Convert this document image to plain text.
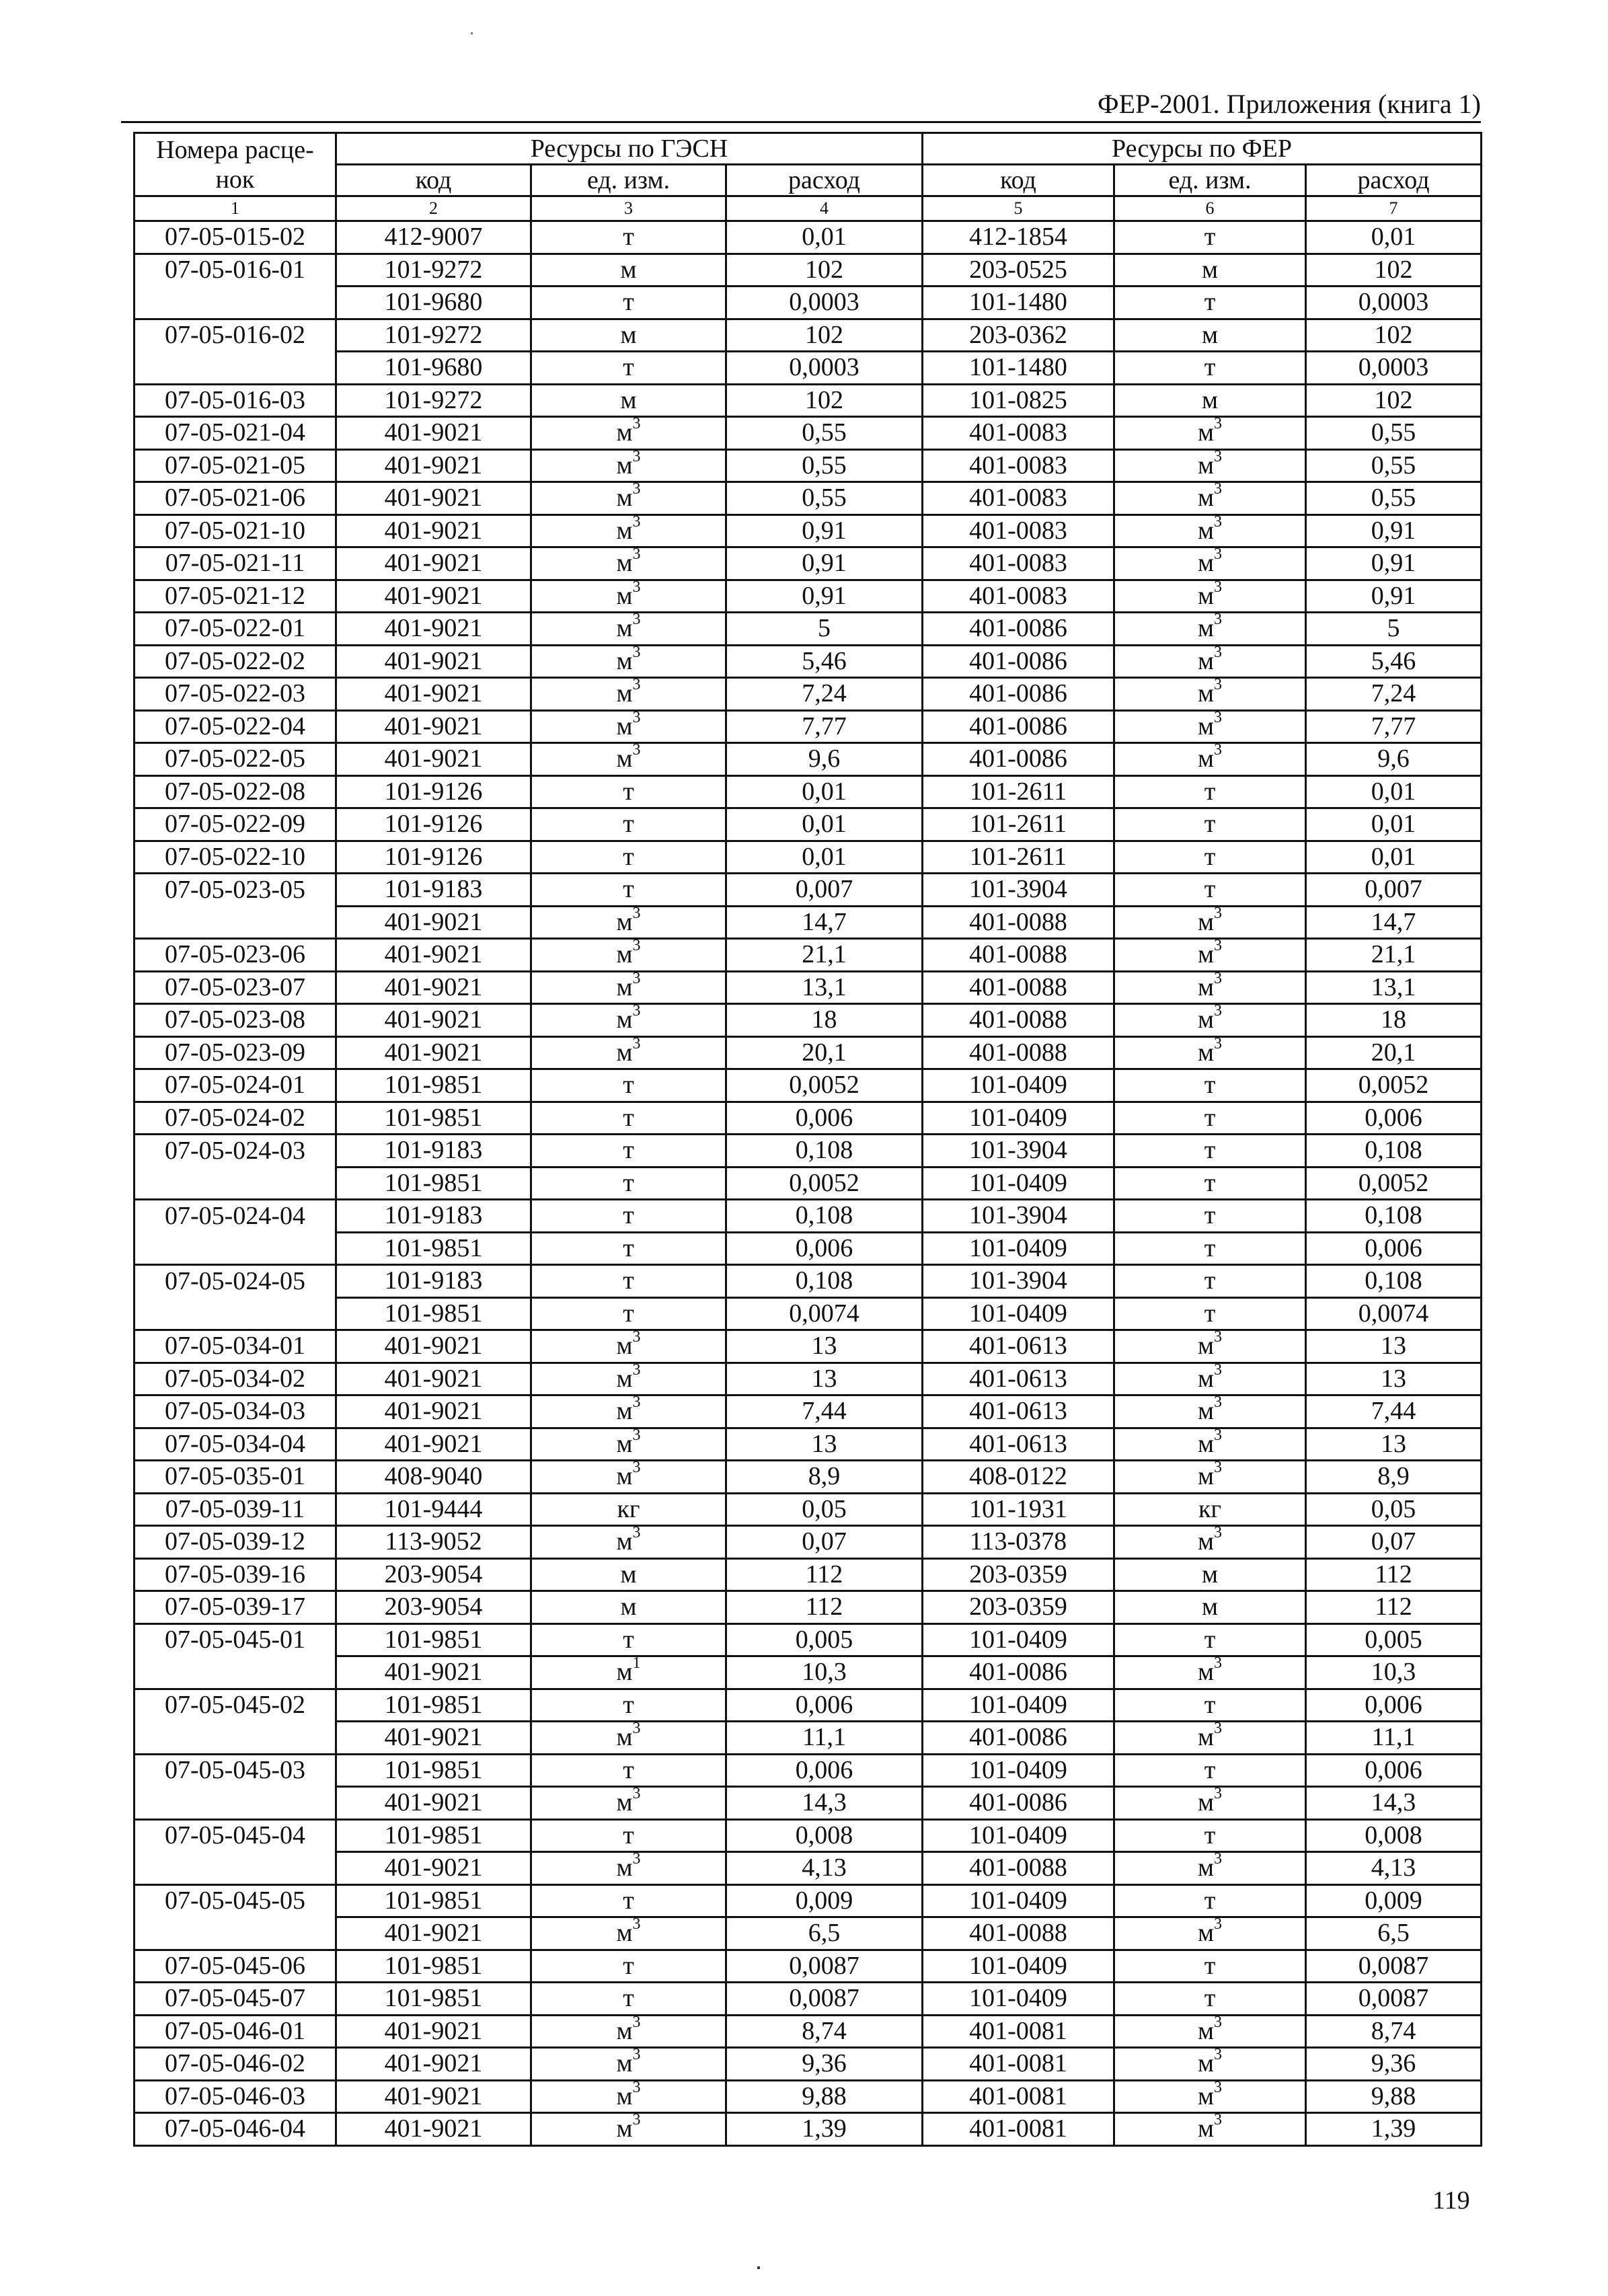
ФЕР-2001. Приложения (книга 1)
Номера расце-
нок	Ресурсы по ГЭСН			Ресурсы по ФЕР		
	код	ед. изм.	расход	код	ед. изм.	расход
1	2	3	4	5	6	7
07-05-015-02	412-9007	т	0,01	412-1854	т	0,01
07-05-016-01	101-9272	м	102	203-0525	м	102
	101-9680	т	0,0003	101-1480	т	0,0003
07-05-016-02	101-9272	м	102	203-0362	м	102
	101-9680	т	0,0003	101-1480	т	0,0003
07-05-016-03	101-9272	м	102	101-0825	м	102
07-05-021-04	401-9021	$м^3$	0,55	401-0083	$м^3$	0,55
07-05-021-05	401-9021	$м^3$	0,55	401-0083	$м^3$	0,55
07-05-021-06	401-9021	$м^3$	0,55	401-0083	$м^3$	0,55
07-05-021-10	401-9021	$м^3$	0,91	401-0083	$м^3$	0,91
07-05-021-11	401-9021	$м^3$	0,91	401-0083	$м^3$	0,91
07-05-021-12	401-9021	$м^3$	0,91	401-0083	$м^3$	0,91
07-05-022-01	401-9021	$м^3$	5	401-0086	$м^3$	5
07-05-022-02	401-9021	$м^3$	5,46	401-0086	$м^3$	5,46
07-05-022-03	401-9021	$м^3$	7,24	401-0086	$м^3$	7,24
07-05-022-04	401-9021	$м^3$	7,77	401-0086	$м^3$	7,77
07-05-022-05	401-9021	$м^3$	9,6	401-0086	$м^3$	9,6
07-05-022-08	101-9126	т	0,01	101-2611	т	0,01
07-05-022-09	101-9126	т	0,01	101-2611	т	0,01
07-05-022-10	101-9126	т	0,01	101-2611	т	0,01
07-05-023-05	101-9183	т	0,007	101-3904	т	0,007
	401-9021	$м^3$	14,7	401-0088	$м^3$	14,7
07-05-023-06	401-9021	$м^3$	21,1	401-0088	$м^3$	21,1
07-05-023-07	401-9021	$м^3$	13,1	401-0088	$м^3$	13,1
07-05-023-08	401-9021	$м^3$	18	401-0088	$м^3$	18
07-05-023-09	401-9021	$м^3$	20,1	401-0088	$м^3$	20,1
07-05-024-01	101-9851	т	0,0052	101-0409	т	0,0052
07-05-024-02	101-9851	т	0,006	101-0409	т	0,006
07-05-024-03	101-9183	т	0,108	101-3904	т	0,108
	101-9851	т	0,0052	101-0409	т	0,0052
07-05-024-04	101-9183	т	0,108	101-3904	т	0,108
	101-9851	т	0,006	101-0409	т	0,006
07-05-024-05	101-9183	т	0,108	101-3904	т	0,108
	101-9851	т	0,0074	101-0409	т	0,0074
07-05-034-01	401-9021	$м^3$	13	401-0613	$м^3$	13
07-05-034-02	401-9021	$м^3$	13	401-0613	$м^3$	13
07-05-034-03	401-9021	$м^3$	7,44	401-0613	$м^3$	7,44
07-05-034-04	401-9021	$м^3$	13	401-0613	$м^3$	13
07-05-035-01	408-9040	$м^3$	8,9	408-0122	$м^3$	8,9
07-05-039-11	101-9444	кг	0,05	101-1931	кг	0,05
07-05-039-12	113-9052	$м^3$	0,07	113-0378	$м^3$	0,07
07-05-039-16	203-9054	м	112	203-0359	м	112
07-05-039-17	203-9054	м	112	203-0359	м	112
07-05-045-01	101-9851	т	0,005	101-0409	т	0,005
	401-9021	$м^1$	10,3	401-0086	$м^3$	10,3
07-05-045-02	101-9851	т	0,006	101-0409	т	0,006
	401-9021	$м^3$	11,1	401-0086	$м^3$	11,1
07-05-045-03	101-9851	т	0,006	101-0409	т	0,006
	401-9021	$м^3$	14,3	401-0086	$м^3$	14,3
07-05-045-04	101-9851	т	0,008	101-0409	т	0,008
	401-9021	$м^3$	4,13	401-0088	$м^3$	4,13
07-05-045-05	101-9851	т	0,009	101-0409	т	0,009
	401-9021	$м^3$	6,5	401-0088	$м^3$	6,5
07-05-045-06	101-9851	т	0,0087	101-0409	т	0,0087
07-05-045-07	101-9851	т	0,0087	101-0409	т	0,0087
07-05-046-01	401-9021	$м^3$	8,74	401-0081	$м^3$	8,74
07-05-046-02	401-9021	$м^3$	9,36	401-0081	$м^3$	9,36
07-05-046-03	401-9021	$м^3$	9,88	401-0081	$м^3$	9,88
07-05-046-04	401-9021	$м^3$	1,39	401-0081	$м^3$	1,39
119
